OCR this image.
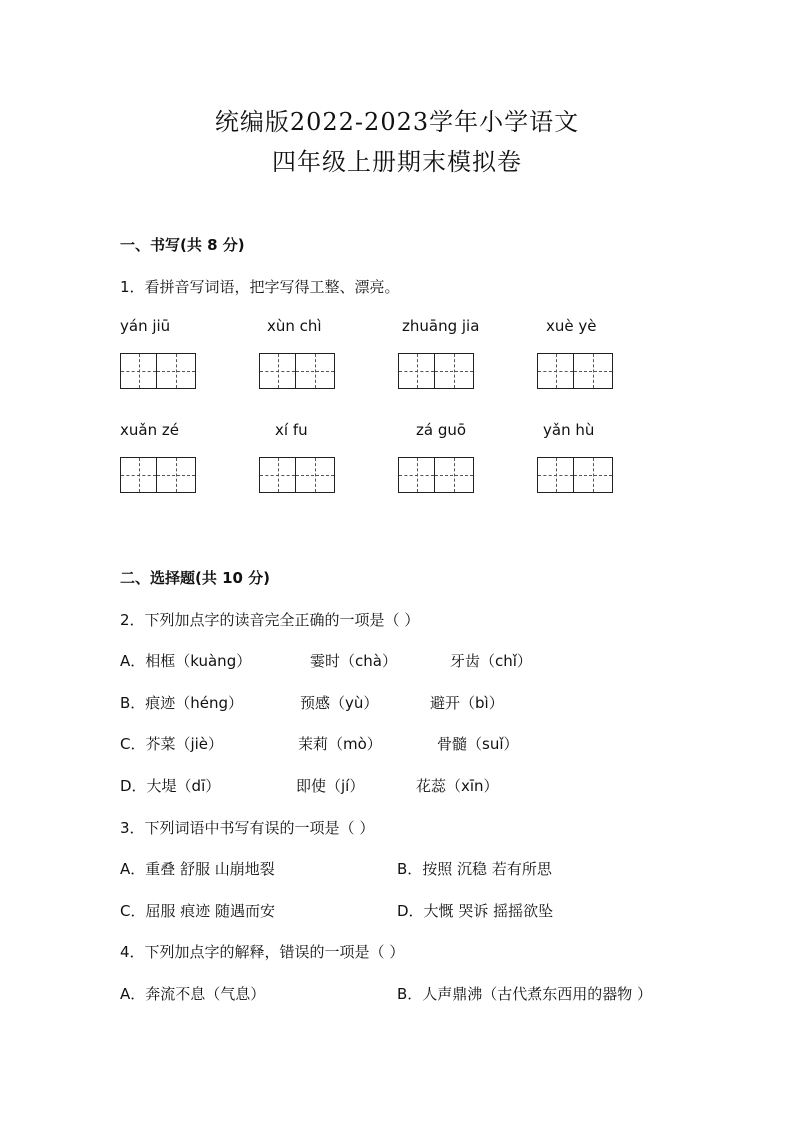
统编版2022-2023学年小学语文
四年级上册期末模拟卷
一、书写(共 8 分)
1．看拼音写词语，把字写得工整、漂亮。
yán jiū	xùn chì	zhuāng jia	xuè yè
xuǎn zé	xí fu	zá guō	yǎn hù
二、选择题(共 10 分)
2．下列加点字的读音完全正确的一项是（ ）
A．相框（kuàng）	霎时（chà）	牙齿（chǐ）
B．痕迹（héng）	预感（yù）	避开（bì）
C．芥菜（jiè）	茉莉（mò）	骨髓（suǐ）
D．大堤（dī）	即使（jí）	花蕊（xīn）
3．下列词语中书写有误的一项是（ ）
A．重叠 舒服 山崩地裂	B．按照 沉稳 若有所思
C．屈服 痕迹 随遇而安	D．大慨 哭诉 摇摇欲坠
4．下列加点字的解释，错误的一项是（ ）
A．奔流不息（气息）	B．人声鼎沸（古代煮东西用的器物 ）
